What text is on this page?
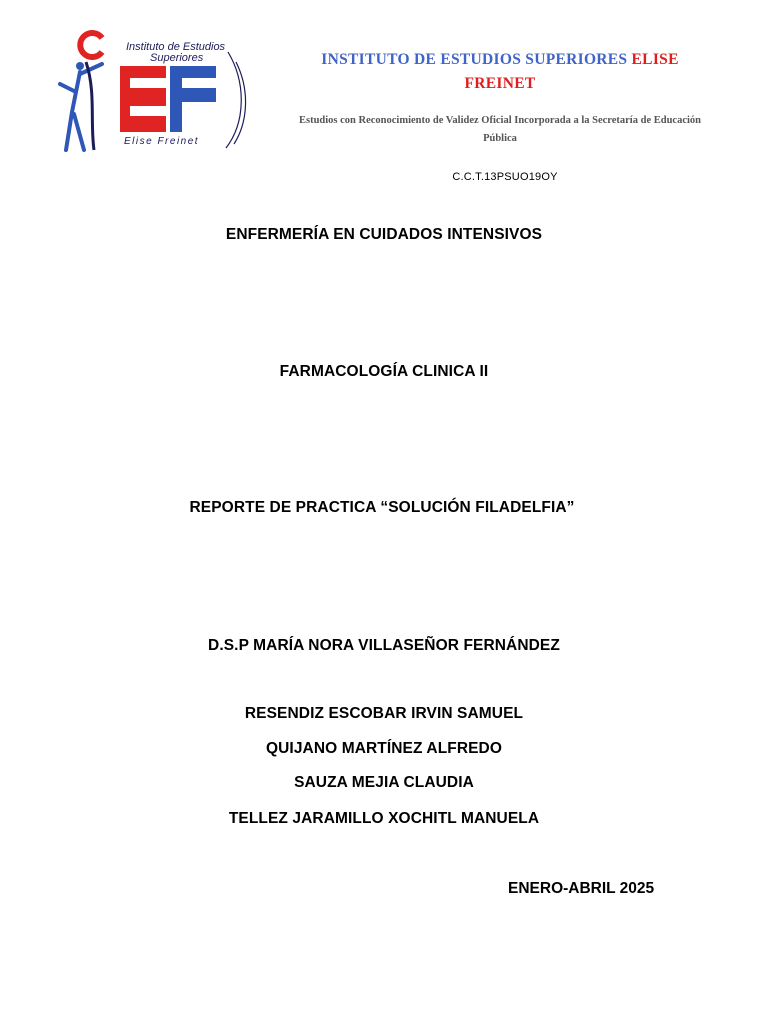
Instituto de Estudios
Superiores
Elise Freinet
INSTITUTO DE ESTUDIOS SUPERIORES ELISE
FREINET
Estudios con Reconocimiento de Validez Oficial Incorporada a la Secretaría de Educación Pública
C.C.T.13PSUO19OY
ENFERMERÍA EN CUIDADOS INTENSIVOS
FARMACOLOGÍA CLINICA II
REPORTE DE PRACTICA “SOLUCIÓN FILADELFIA”
D.S.P MARÍA NORA VILLASEÑOR FERNÁNDEZ
RESENDIZ ESCOBAR IRVIN SAMUEL
QUIJANO MARTÍNEZ ALFREDO
SAUZA MEJIA CLAUDIA
TELLEZ JARAMILLO XOCHITL MANUELA
ENERO-ABRIL 2025
